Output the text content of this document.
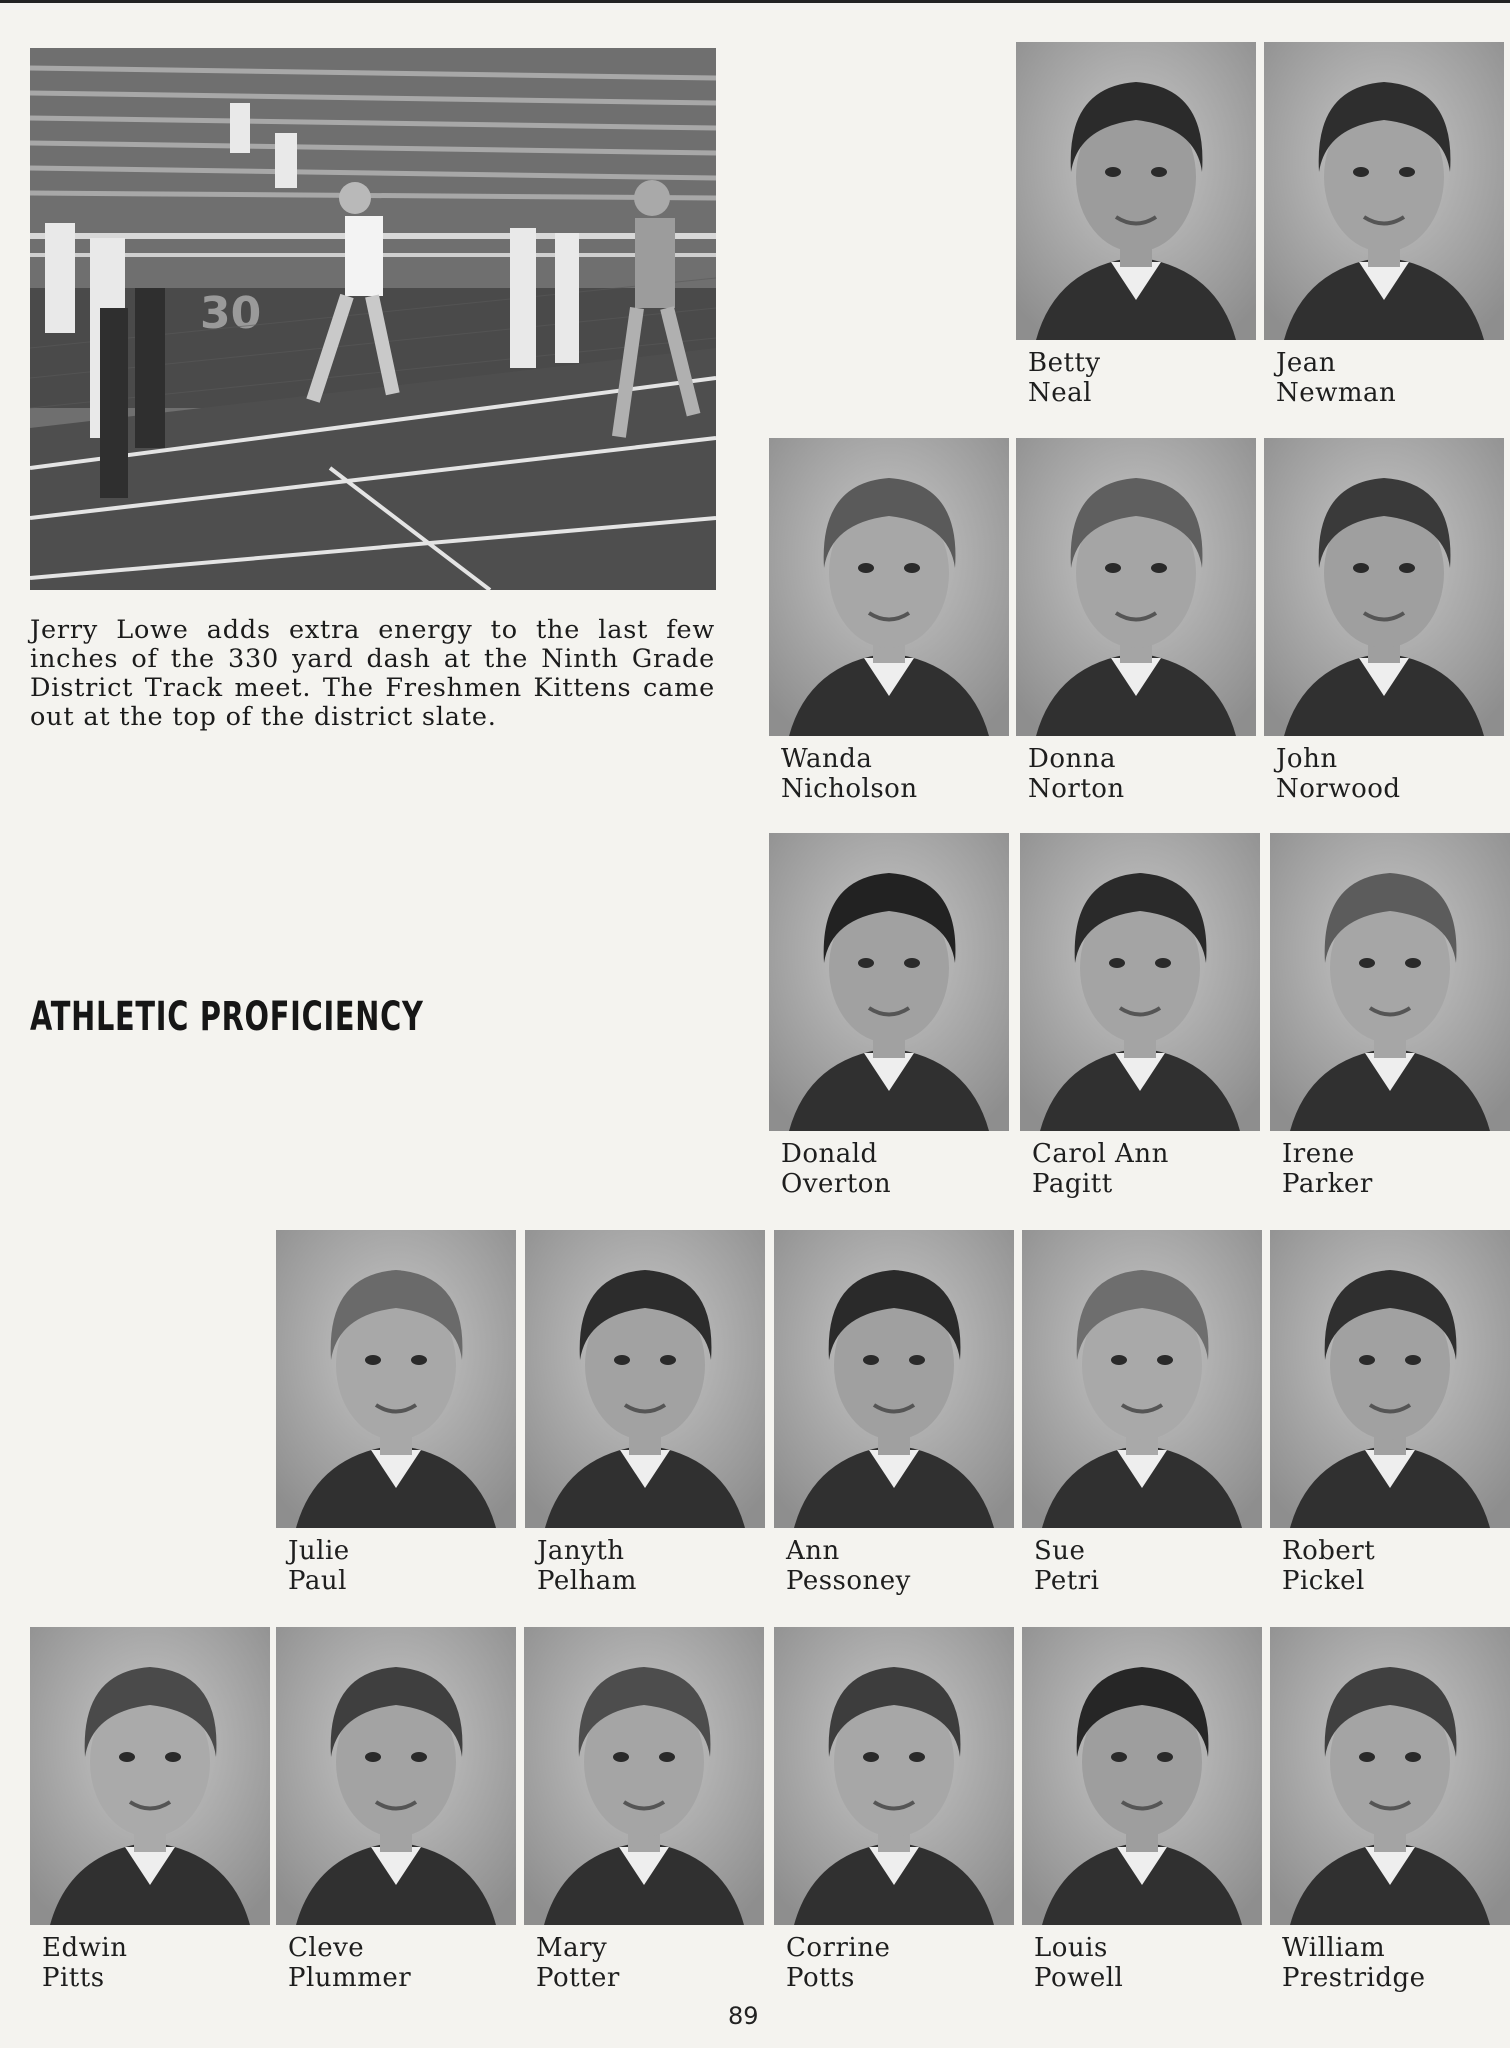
30
Jerry Lowe adds extra energy to the last few inches of the 330 yard dash at the Ninth Grade District Track meet. The Freshmen Kittens came out at the top of the district slate.
ATHLETIC PROFICIENCY
Betty
Neal
Jean
Newman
Wanda
Nicholson
Donna
Norton
John
Norwood
Donald
Overton
Carol Ann
Pagitt
Irene
Parker
Julie
Paul
Janyth
Pelham
Ann
Pessoney
Sue
Petri
Robert
Pickel
Edwin
Pitts
Cleve
Plummer
Mary
Potter
Corrine
Potts
Louis
Powell
William
Prestridge
89
